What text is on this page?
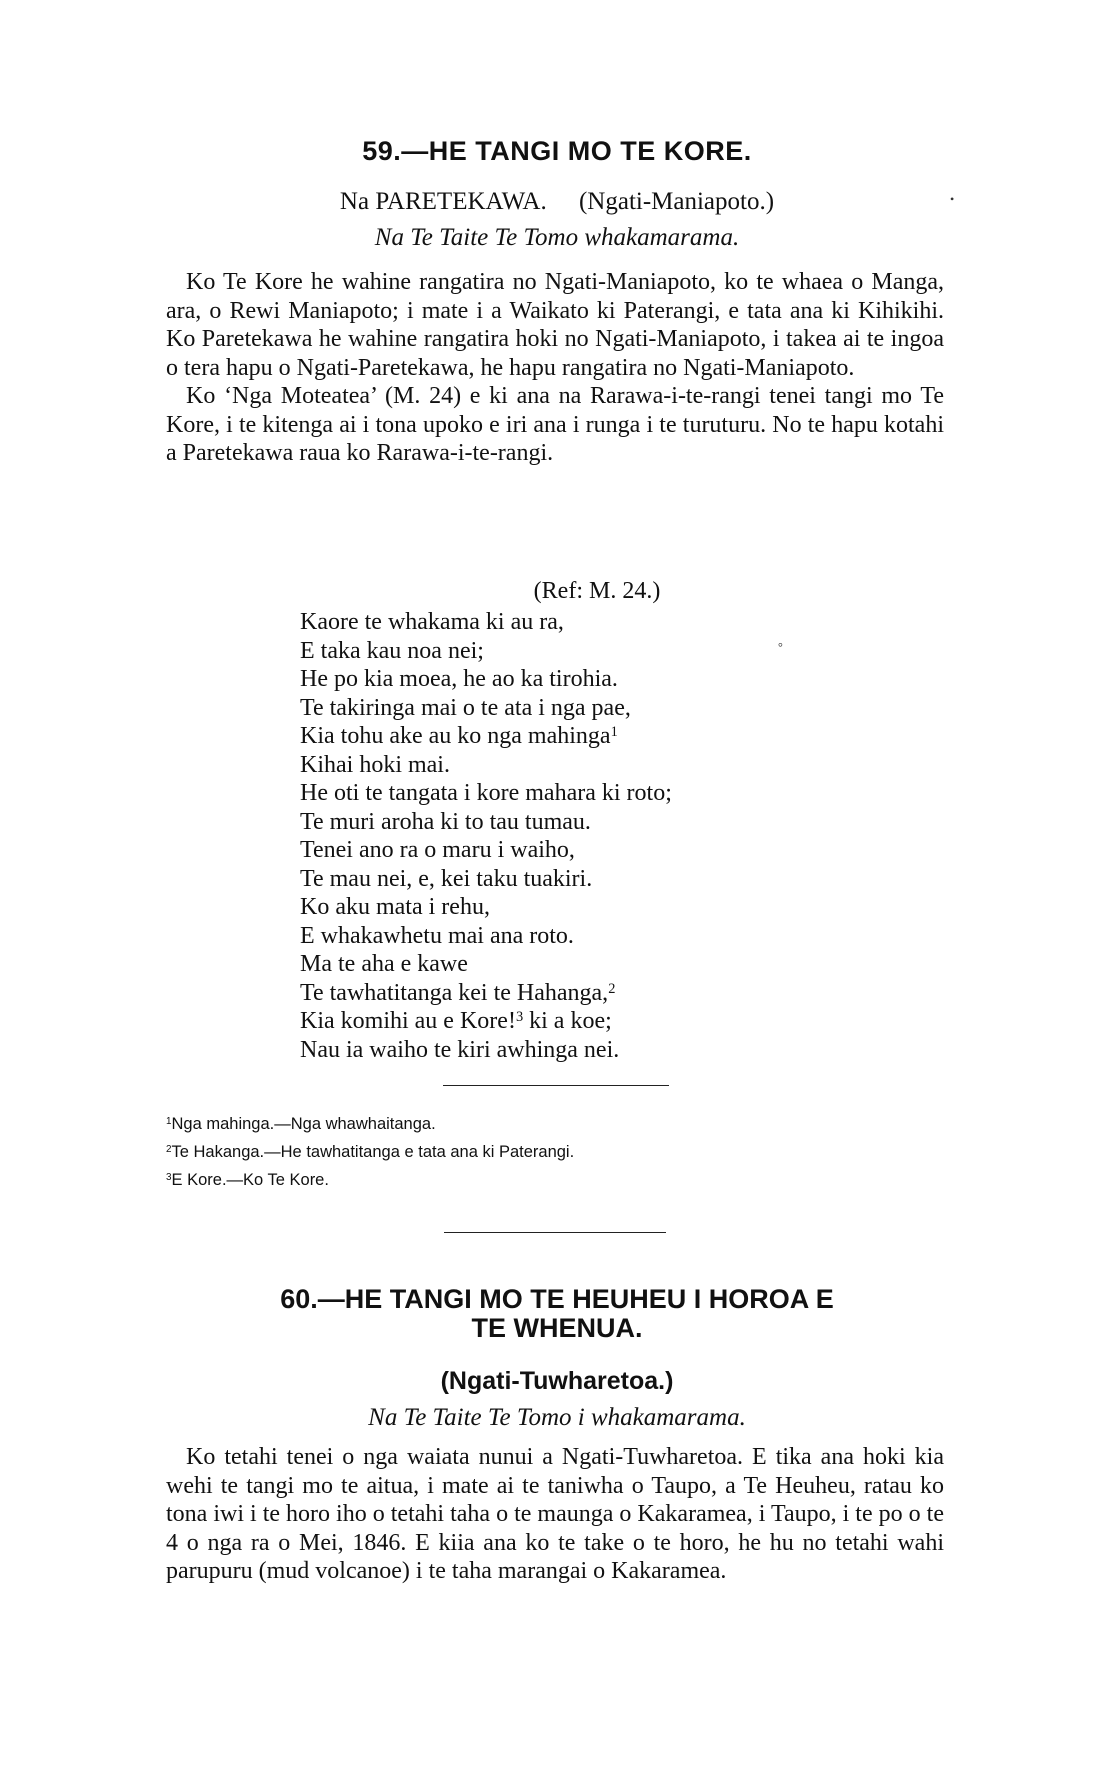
59.—HE TANGI MO TE KORE.
Na PARETEKAWA. (Ngati-Maniapoto.)
Na Te Taite Te Tomo whakamarama.

Ko Te Kore he wahine rangatira no Ngati-Maniapoto, ko te whaea o Manga, ara, o Rewi Maniapoto; i mate i a Waikato ki Paterangi, e tata ana ki Kihikihi. Ko Paretekawa he wahine rangatira hoki no Ngati-Maniapoto, i takea ai te ingoa o tera hapu o Ngati-Paretekawa, he hapu rangatira no Ngati-Maniapoto.

Ko ‘Nga Moteatea’ (M. 24) e ki ana na Rarawa-i-te-rangi tenei tangi mo Te Kore, i te kitenga ai i tona upoko e iri ana i runga i te turuturu. No te hapu kotahi a Paretekawa raua ko Rarawa-i-te-rangi.

(Ref: M. 24.)
Kaore te whakama ki au ra,
E taka kau noa nei;
He po kia moea, he ao ka tirohia.
Te takiringa mai o te ata i nga pae,
Kia tohu ake au ko nga mahinga$^1$
Kihai hoki mai.
He oti te tangata i kore mahara ki roto;
Te muri aroha ki to tau tumau.
Tenei ano ra o maru i waiho,
Te mau nei, e, kei taku tuakiri.
Ko aku mata i rehu,
E whakawhetu mai ana roto.
Ma te aha e kawe
Te tawhatitanga kei te Hahanga,$^2$
Kia komihi au e Kore!$^3$ ki a koe;
Nau ia waiho te kiri awhinga nei.
$^1$Nga mahinga.—Nga whawhaitanga.
$^2$Te Hakanga.—He tawhatitanga e tata ana ki Paterangi.
$^3$E Kore.—Ko Te Kore.
60.—HE TANGI MO TE HEUHEU I HOROA E
TE WHENUA.
(Ngati-Tuwharetoa.)
Na Te Taite Te Tomo i whakamarama.

Ko tetahi tenei o nga waiata nunui a Ngati-Tuwharetoa. E tika ana hoki kia wehi te tangi mo te aitua, i mate ai te taniwha o Taupo, a Te Heuheu, ratau ko tona iwi i te horo iho o tetahi taha o te maunga o Kakaramea, i Taupo, i te po o te 4 o nga ra o Mei, 1846. E kiia ana ko te take o te horo, he hu no tetahi wahi parupuru (mud volcanoe) i te taha marangai o Kakaramea.

•
°
